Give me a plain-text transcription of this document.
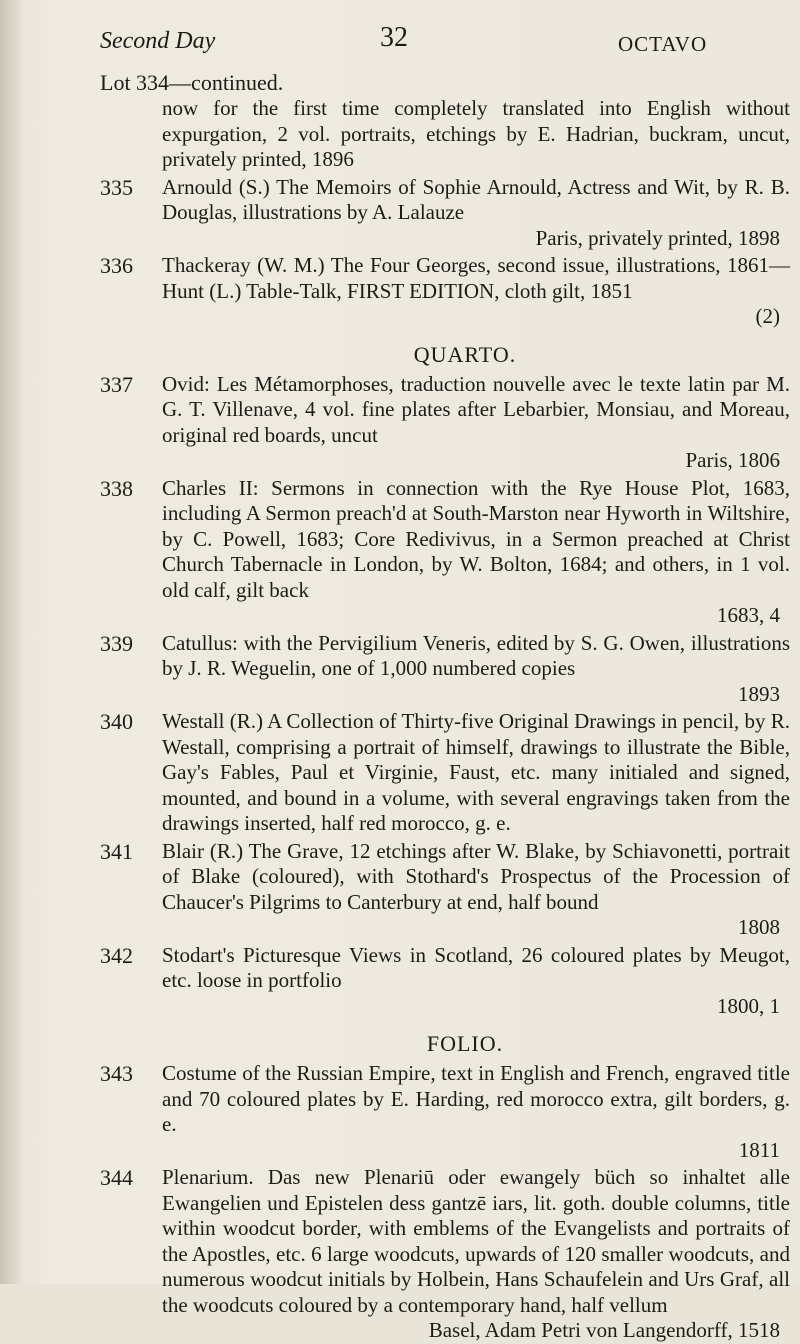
Second Day	32	OCTAVO
Lot 334—continued.
now for the first time completely translated into English without expurgation, 2 vol. portraits, etchings by E. Hadrian, buckram, uncut, privately printed, 1896
335	Arnould (S.) The Memoirs of Sophie Arnould, Actress and Wit, by R. B. Douglas, illustrations by A. Lalauze
Paris, privately printed, 1898
336	Thackeray (W. M.) The Four Georges, second issue, illustrations, 1861—Hunt (L.) Table-Talk, FIRST EDITION, cloth gilt, 1851
(2)
QUARTO.
337	Ovid: Les Métamorphoses, traduction nouvelle avec le texte latin par M. G. T. Villenave, 4 vol. fine plates after Lebarbier, Monsiau, and Moreau, original red boards, uncut
Paris, 1806
338	Charles II: Sermons in connection with the Rye House Plot, 1683, including A Sermon preach'd at South-Marston near Hyworth in Wiltshire, by C. Powell, 1683; Core Redivivus, in a Sermon preached at Christ Church Tabernacle in London, by W. Bolton, 1684; and others, in 1 vol. old calf, gilt back
1683, 4
339	Catullus: with the Pervigilium Veneris, edited by S. G. Owen, illustrations by J. R. Weguelin, one of 1,000 numbered copies
1893
340	Westall (R.) A Collection of Thirty-five Original Drawings in pencil, by R. Westall, comprising a portrait of himself, drawings to illustrate the Bible, Gay's Fables, Paul et Virginie, Faust, etc. many initialed and signed, mounted, and bound in a volume, with several engravings taken from the drawings inserted, half red morocco, g. e.
341	Blair (R.) The Grave, 12 etchings after W. Blake, by Schiavonetti, portrait of Blake (coloured), with Stothard's Prospectus of the Procession of Chaucer's Pilgrims to Canterbury at end, half bound
1808
342	Stodart's Picturesque Views in Scotland, 26 coloured plates by Meugot, etc. loose in portfolio
1800, 1
FOLIO.
343	Costume of the Russian Empire, text in English and French, engraved title and 70 coloured plates by E. Harding, red morocco extra, gilt borders, g. e.
1811
344	Plenarium. Das new Plenariū oder ewangely büch so inhaltet alle Ewangelien und Epistelen dess gantzē iars, lit. goth. double columns, title within woodcut border, with emblems of the Evangelists and portraits of the Apostles, etc. 6 large woodcuts, upwards of 120 smaller woodcuts, and numerous woodcut initials by Holbein, Hans Schaufelein and Urs Graf, all the woodcuts coloured by a contemporary hand, half vellum
Basel, Adam Petri von Langendorff, 1518
